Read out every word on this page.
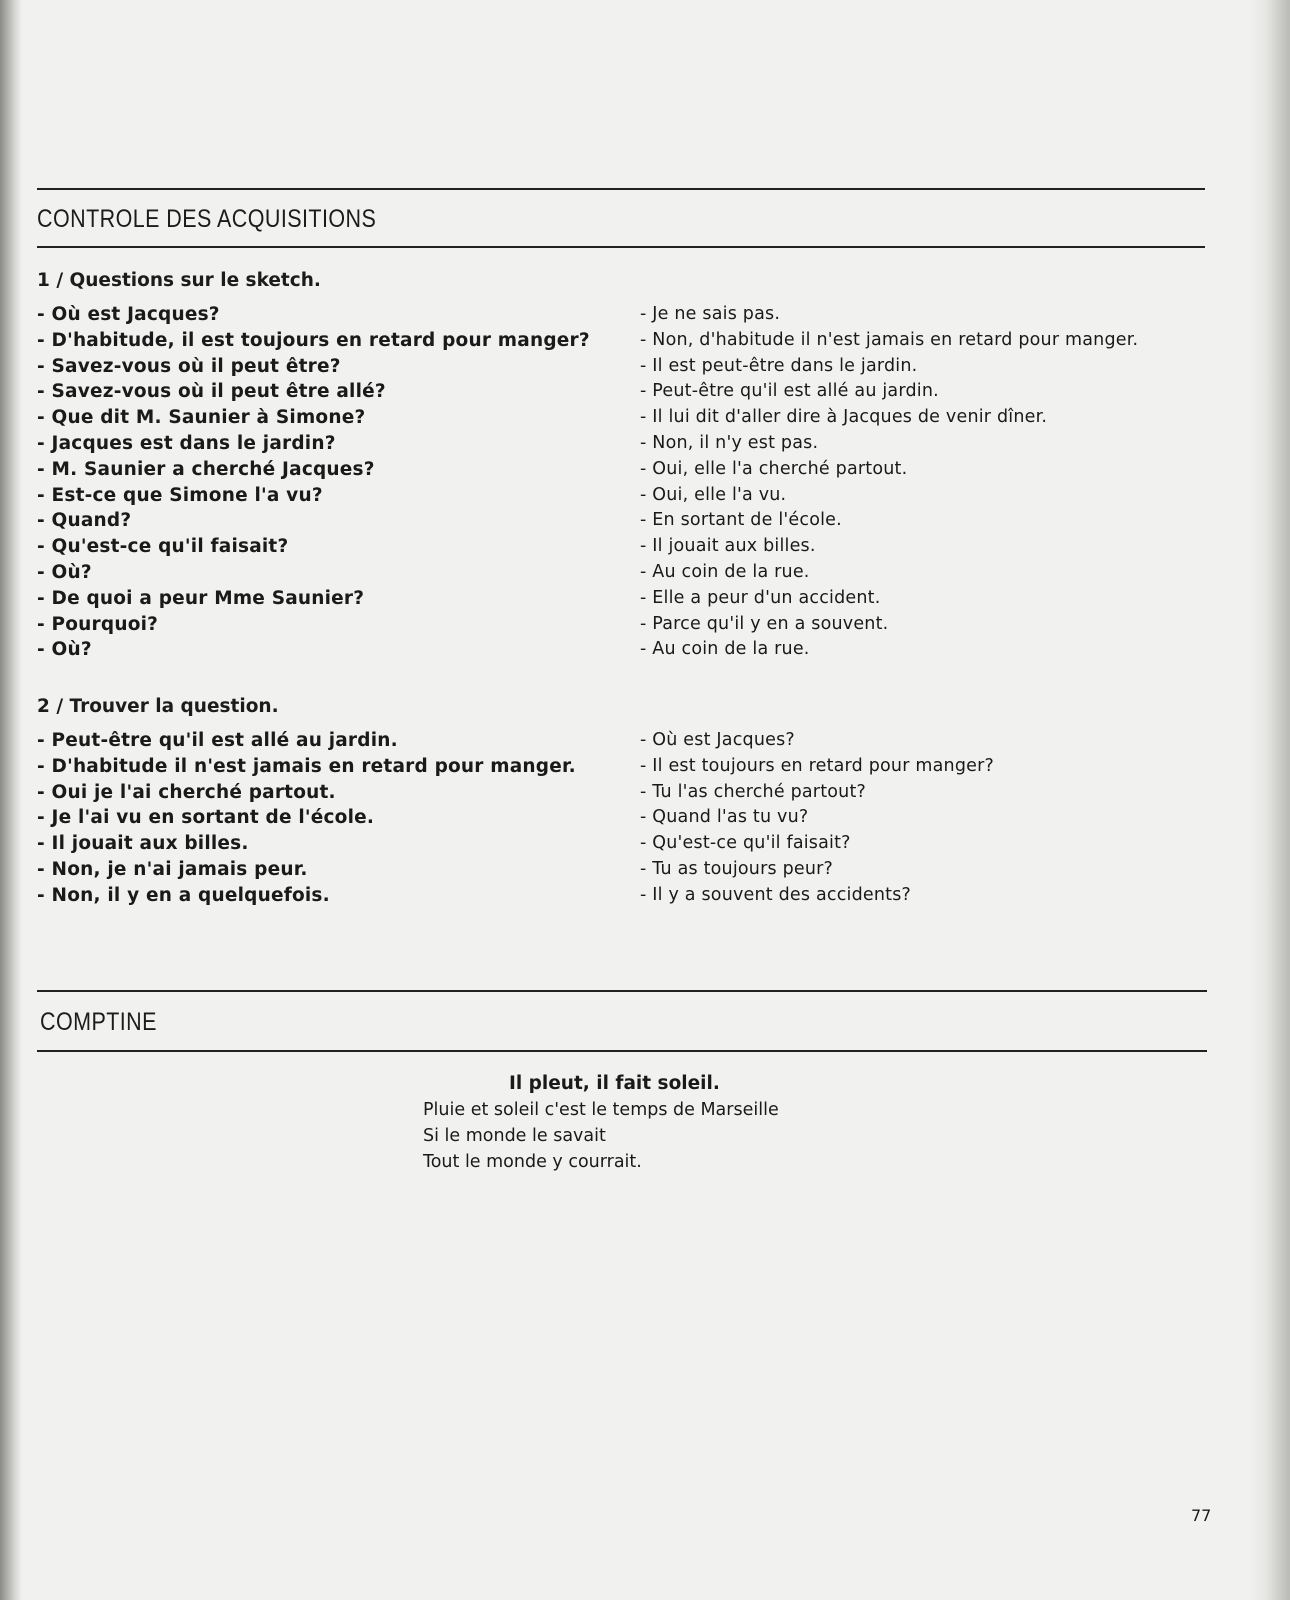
CONTROLE DES ACQUISITIONS
1 / Questions sur le sketch.
- Où est Jacques?
- D'habitude, il est toujours en retard pour manger?
- Savez-vous où il peut être?
- Savez-vous où il peut être allé?
- Que dit M. Saunier à Simone?
- Jacques est dans le jardin?
- M. Saunier a cherché Jacques?
- Est-ce que Simone l'a vu?
- Quand?
- Qu'est-ce qu'il faisait?
- Où?
- De quoi a peur Mme Saunier?
- Pourquoi?
- Où?
- Je ne sais pas.
- Non, d'habitude il n'est jamais en retard pour manger.
- Il est peut-être dans le jardin.
- Peut-être qu'il est allé au jardin.
- Il lui dit d'aller dire à Jacques de venir dîner.
- Non, il n'y est pas.
- Oui, elle l'a cherché partout.
- Oui, elle l'a vu.
- En sortant de l'école.
- Il jouait aux billes.
- Au coin de la rue.
- Elle a peur d'un accident.
- Parce qu'il y en a souvent.
- Au coin de la rue.
2 / Trouver la question.
- Peut-être qu'il est allé au jardin.
- D'habitude il n'est jamais en retard pour manger.
- Oui je l'ai cherché partout.
- Je l'ai vu en sortant de l'école.
- Il jouait aux billes.
- Non, je n'ai jamais peur.
- Non, il y en a quelquefois.
- Où est Jacques?
- Il est toujours en retard pour manger?
- Tu l'as cherché partout?
- Quand l'as tu vu?
- Qu'est-ce qu'il faisait?
- Tu as toujours peur?
- Il y a souvent des accidents?
COMPTINE
Il pleut, il fait soleil.
Pluie et soleil c'est le temps de Marseille
Si le monde le savait
Tout le monde y courrait.
77
